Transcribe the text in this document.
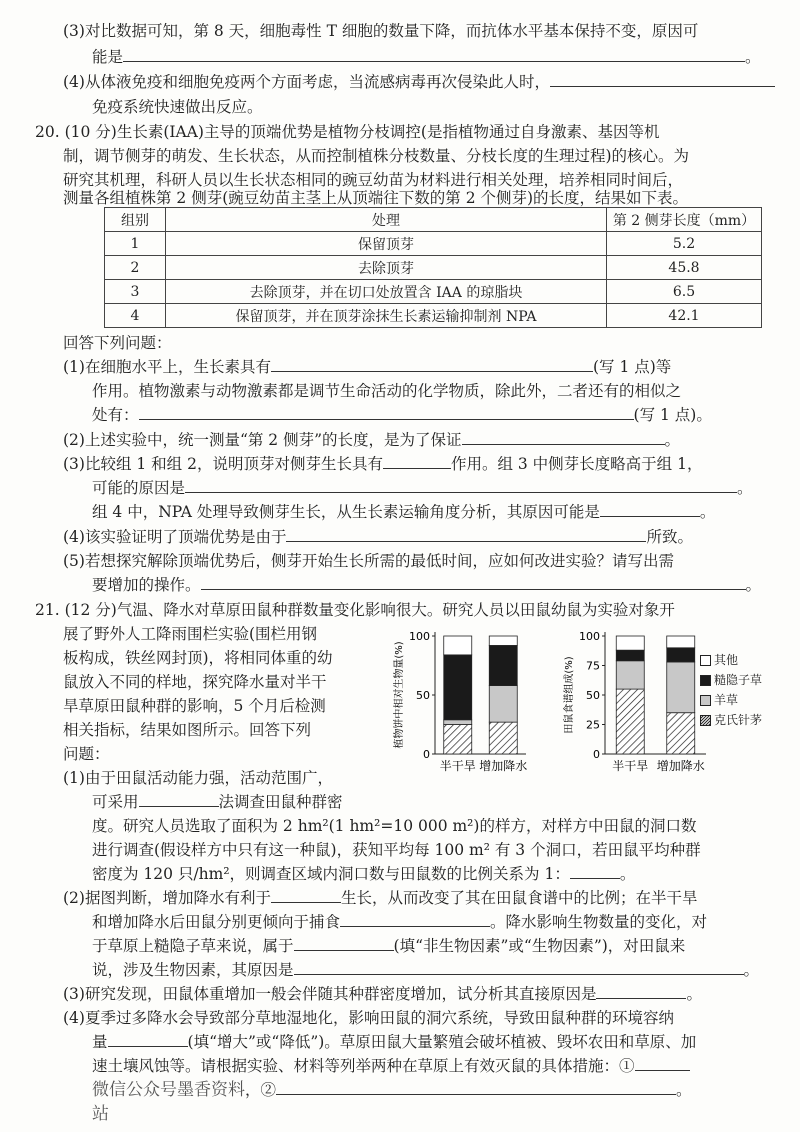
(3)对比数据可知，第 8 天，细胞毒性 T 细胞的数量下降，而抗体水平基本保持不变，原因可
能是	。
(4)从体液免疫和细胞免疫两个方面考虑，当流感病毒再次侵染此人时，
免疫系统快速做出反应。
20. (10 分)生长素(IAA)主导的顶端优势是植物分枝调控(是指植物通过自身激素、基因等机
制，调节侧芽的萌发、生长状态，从而控制植株分枝数量、分枝长度的生理过程)的核心。为
研究其机理，科研人员以生长状态相同的豌豆幼苗为材料进行相关处理，培养相同时间后，
测量各组植株第 2 侧芽(豌豆幼苗主茎上从顶端往下数的第 2 个侧芽)的长度，结果如下表。
组别	处理	第 2 侧芽长度（mm）
1	保留顶芽	5.2
2	去除顶芽	45.8
3	去除顶芽，并在切口处放置含 IAA 的琼脂块	6.5
4	保留顶芽，并在顶芽涂抹生长素运输抑制剂 NPA	42.1
回答下列问题：
(1)在细胞水平上，生长素具有	(写 1 点)等
作用。植物激素与动物激素都是调节生命活动的化学物质，除此外，二者还有的相似之
处有：	(写 1 点)。
(2)上述实验中，统一测量“第 2 侧芽”的长度，是为了保证	。
(3)比较组 1 和组 2，说明顶芽对侧芽生长具有	作用。组 3 中侧芽长度略高于组 1，
可能的原因是	。
组 4 中，NPA 处理导致侧芽生长，从生长素运输角度分析，其原因可能是	。
(4)该实验证明了顶端优势是由于	所致。
(5)若想探究解除顶端优势后，侧芽开始生长所需的最低时间，应如何改进实验？请写出需
要增加的操作。	。
21. (12 分)气温、降水对草原田鼠种群数量变化影响很大。研究人员以田鼠幼鼠为实验对象开
展了野外人工降雨围栏实验(围栏用钢
板构成，铁丝网封顶)，将相同体重的幼
鼠放入不同的样地，探究降水量对半干
旱草原田鼠种群的影响，5 个月后检测
相关指标，结果如图所示。回答下列
问题：	0
50
100
植物饼中相对生物量(%)
半干旱 增加降水
0
25
50
75
100
田鼠食谱组成(%)
半干旱 增加降水
其他
糙隐子草
羊草
克氏针茅
(1)由于田鼠活动能力强，活动范围广，
可采用	法调查田鼠种群密
度。研究人员选取了面积为 2 hm²(1 hm²=10 000 m²)的样方，对样方中田鼠的洞口数
进行调查(假设样方中只有这一种鼠)，获知平均每 100 m² 有 3 个洞口，若田鼠平均种群
密度为 120 只/hm²，则调查区域内洞口数与田鼠数的比例关系为 1：	。
(2)据图判断，增加降水有利于	生长，从而改变了其在田鼠食谱中的比例；在半干旱
和增加降水后田鼠分别更倾向于捕食	。降水影响生物数量的变化，对
于草原上糙隐子草来说，属于	(填“非生物因素”或“生物因素”)，对田鼠来
说，涉及生物因素，其原因是	。
(3)研究发现，田鼠体重增加一般会伴随其种群密度增加，试分析其直接原因是	。
(4)夏季过多降水会导致部分草地湿地化，影响田鼠的洞穴系统，导致田鼠种群的环境容纳
量	(填“增大”或“降低”)。草原田鼠大量繁殖会破坏植被、毁坏农田和草原、加
速土壤风蚀等。请根据实验、材料等列举两种在草原上有效灭鼠的具体措施：①
微信公众号墨香资料，②	。
站
